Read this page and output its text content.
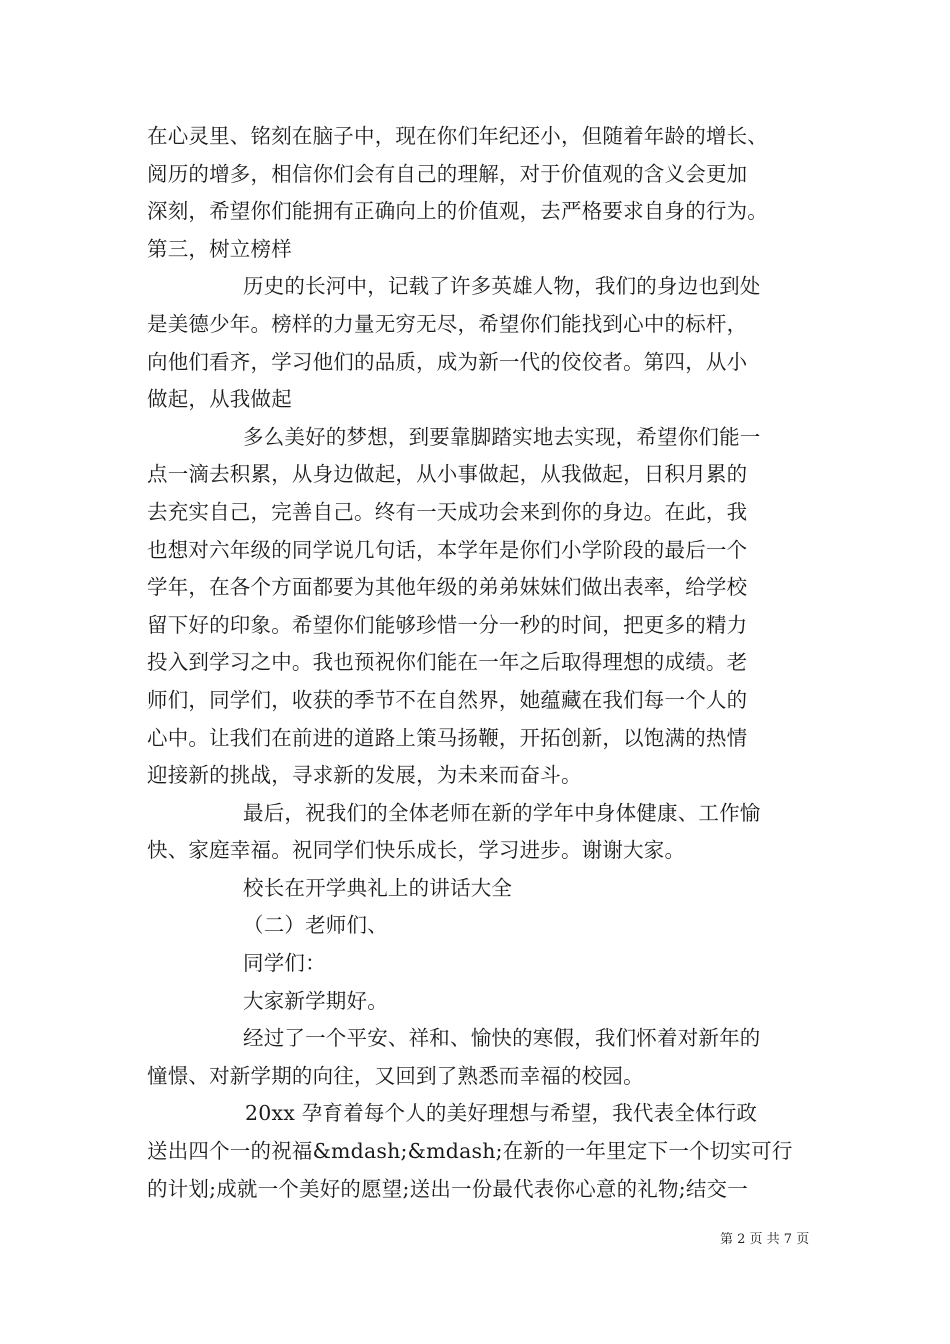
在心灵里、铭刻在脑子中，现在你们年纪还小，但随着年龄的增长、
阅历的增多，相信你们会有自己的理解，对于价值观的含义会更加
深刻，希望你们能拥有正确向上的价值观，去严格要求自身的行为。
第三，树立榜样
历史的长河中，记载了许多英雄人物，我们的身边也到处
是美德少年。榜样的力量无穷无尽，希望你们能找到心中的标杆，
向他们看齐，学习他们的品质，成为新一代的佼佼者。第四，从小
做起，从我做起
多么美好的梦想，到要靠脚踏实地去实现，希望你们能一
点一滴去积累，从身边做起，从小事做起，从我做起，日积月累的
去充实自己，完善自己。终有一天成功会来到你的身边。在此，我
也想对六年级的同学说几句话，本学年是你们小学阶段的最后一个
学年，在各个方面都要为其他年级的弟弟妹妹们做出表率，给学校
留下好的印象。希望你们能够珍惜一分一秒的时间，把更多的精力
投入到学习之中。我也预祝你们能在一年之后取得理想的成绩。老
师们，同学们，收获的季节不在自然界，她蕴藏在我们每一个人的
心中。让我们在前进的道路上策马扬鞭，开拓创新，以饱满的热情
迎接新的挑战，寻求新的发展，为未来而奋斗。
最后，祝我们的全体老师在新的学年中身体健康、工作愉
快、家庭幸福。祝同学们快乐成长，学习进步。谢谢大家。
校长在开学典礼上的讲话大全
（二）老师们、
同学们：
大家新学期好。
经过了一个平安、祥和、愉快的寒假，我们怀着对新年的
憧憬、对新学期的向往，又回到了熟悉而幸福的校园。
20xx 孕育着每个人的美好理想与希望，我代表全体行政
送出四个一的祝福&mdash;&mdash;在新的一年里定下一个切实可行
的计划;成就一个美好的愿望;送出一份最代表你心意的礼物;结交一
第 2 页 共 7 页
